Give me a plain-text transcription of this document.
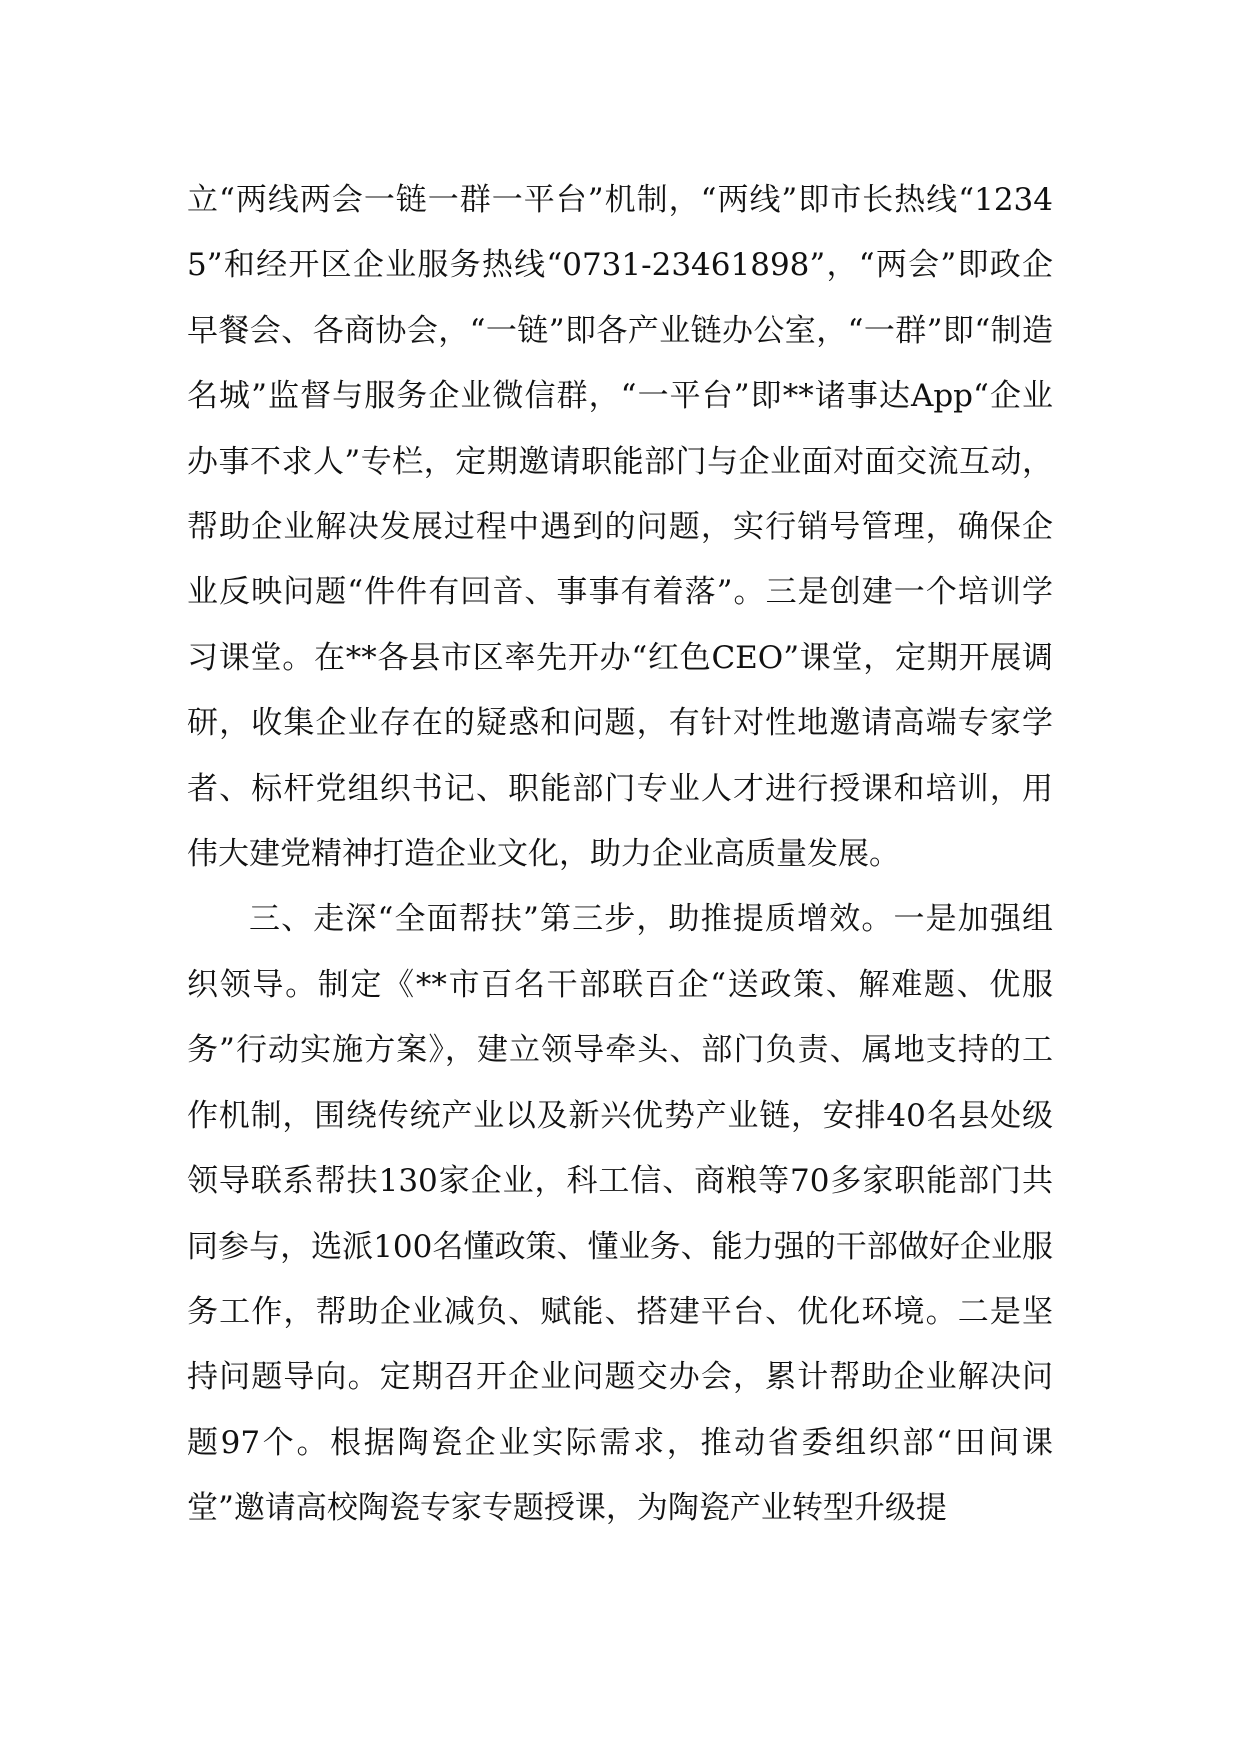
立“两线两会一链一群一平台”机制，“两线”即市长热线“12345”和经开区企业服务热线“0731-23461898”，“两会”即政企早餐会、各商协会，“一链”即各产业链办公室，“一群”即“制造名城”监督与服务企业微信群，“一平台”即**诸事达App“企业办事不求人”专栏，定期邀请职能部门与企业面对面交流互动，帮助企业解决发展过程中遇到的问题，实行销号管理，确保企业反映问题“件件有回音、事事有着落”。三是创建一个培训学习课堂。在**各县市区率先开办“红色CEO”课堂，定期开展调研，收集企业存在的疑惑和问题，有针对性地邀请高端专家学者、标杆党组织书记、职能部门专业人才进行授课和培训，用伟大建党精神打造企业文化，助力企业高质量发展。

三、走深“全面帮扶”第三步，助推提质增效。一是加强组织领导。制定《**市百名干部联百企“送政策、解难题、优服务”行动实施方案》，建立领导牵头、部门负责、属地支持的工作机制，围绕传统产业以及新兴优势产业链，安排40名县处级领导联系帮扶130家企业，科工信、商粮等70多家职能部门共同参与，选派100名懂政策、懂业务、能力强的干部做好企业服务工作，帮助企业减负、赋能、搭建平台、优化环境。二是坚持问题导向。定期召开企业问题交办会，累计帮助企业解决问题97个。根据陶瓷企业实际需求，推动省委组织部“田间课堂”邀请高校陶瓷专家专题授课，为陶瓷产业转型升级提
